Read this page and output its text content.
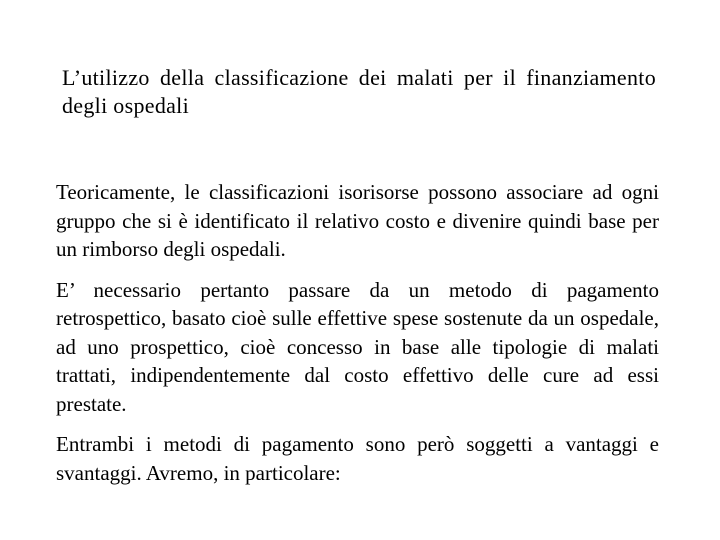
L’utilizzo della classificazione dei malati per il finanziamento degli ospedali

Teoricamente, le classificazioni isorisorse possono associare ad ogni gruppo che si è identificato il relativo costo e divenire quindi base per un rimborso degli ospedali.

E’ necessario pertanto passare da un metodo di pagamento retrospettico, basato cioè sulle effettive spese sostenute da un ospedale, ad uno prospettico, cioè concesso in base alle tipologie di malati trattati, indipendentemente dal costo effettivo delle cure ad essi prestate.

Entrambi i metodi di pagamento sono però soggetti a vantaggi e svantaggi. Avremo, in particolare:
